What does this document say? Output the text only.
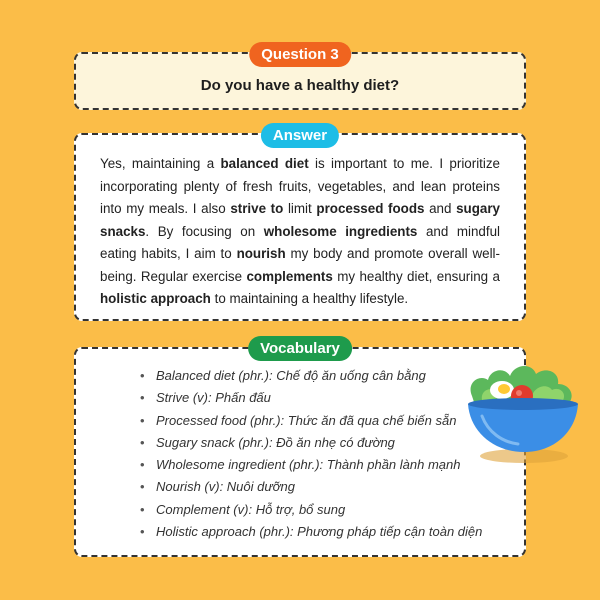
Question 3
Do you have a healthy diet?
Answer
Yes, maintaining a balanced diet is important to me. I prioritize incorporating plenty of fresh fruits, vegetables, and lean proteins into my meals. I also strive to limit processed foods and sugary snacks. By focusing on wholesome ingredients and mindful eating habits, I aim to nourish my body and promote overall well-being. Regular exercise complements my healthy diet, ensuring a holistic approach to maintaining a healthy lifestyle.
Vocabulary
• Balanced diet (phr.): Chế độ ăn uống cân bằng
• Strive (v): Phấn đấu
• Processed food (phr.): Thức ăn đã qua chế biến sẵn
• Sugary snack (phr.): Đồ ăn nhẹ có đường
• Wholesome ingredient (phr.): Thành phần lành mạnh
• Nourish (v): Nuôi dưỡng
• Complement (v): Hỗ trợ, bổ sung
• Holistic approach (phr.): Phương pháp tiếp cận toàn diện
